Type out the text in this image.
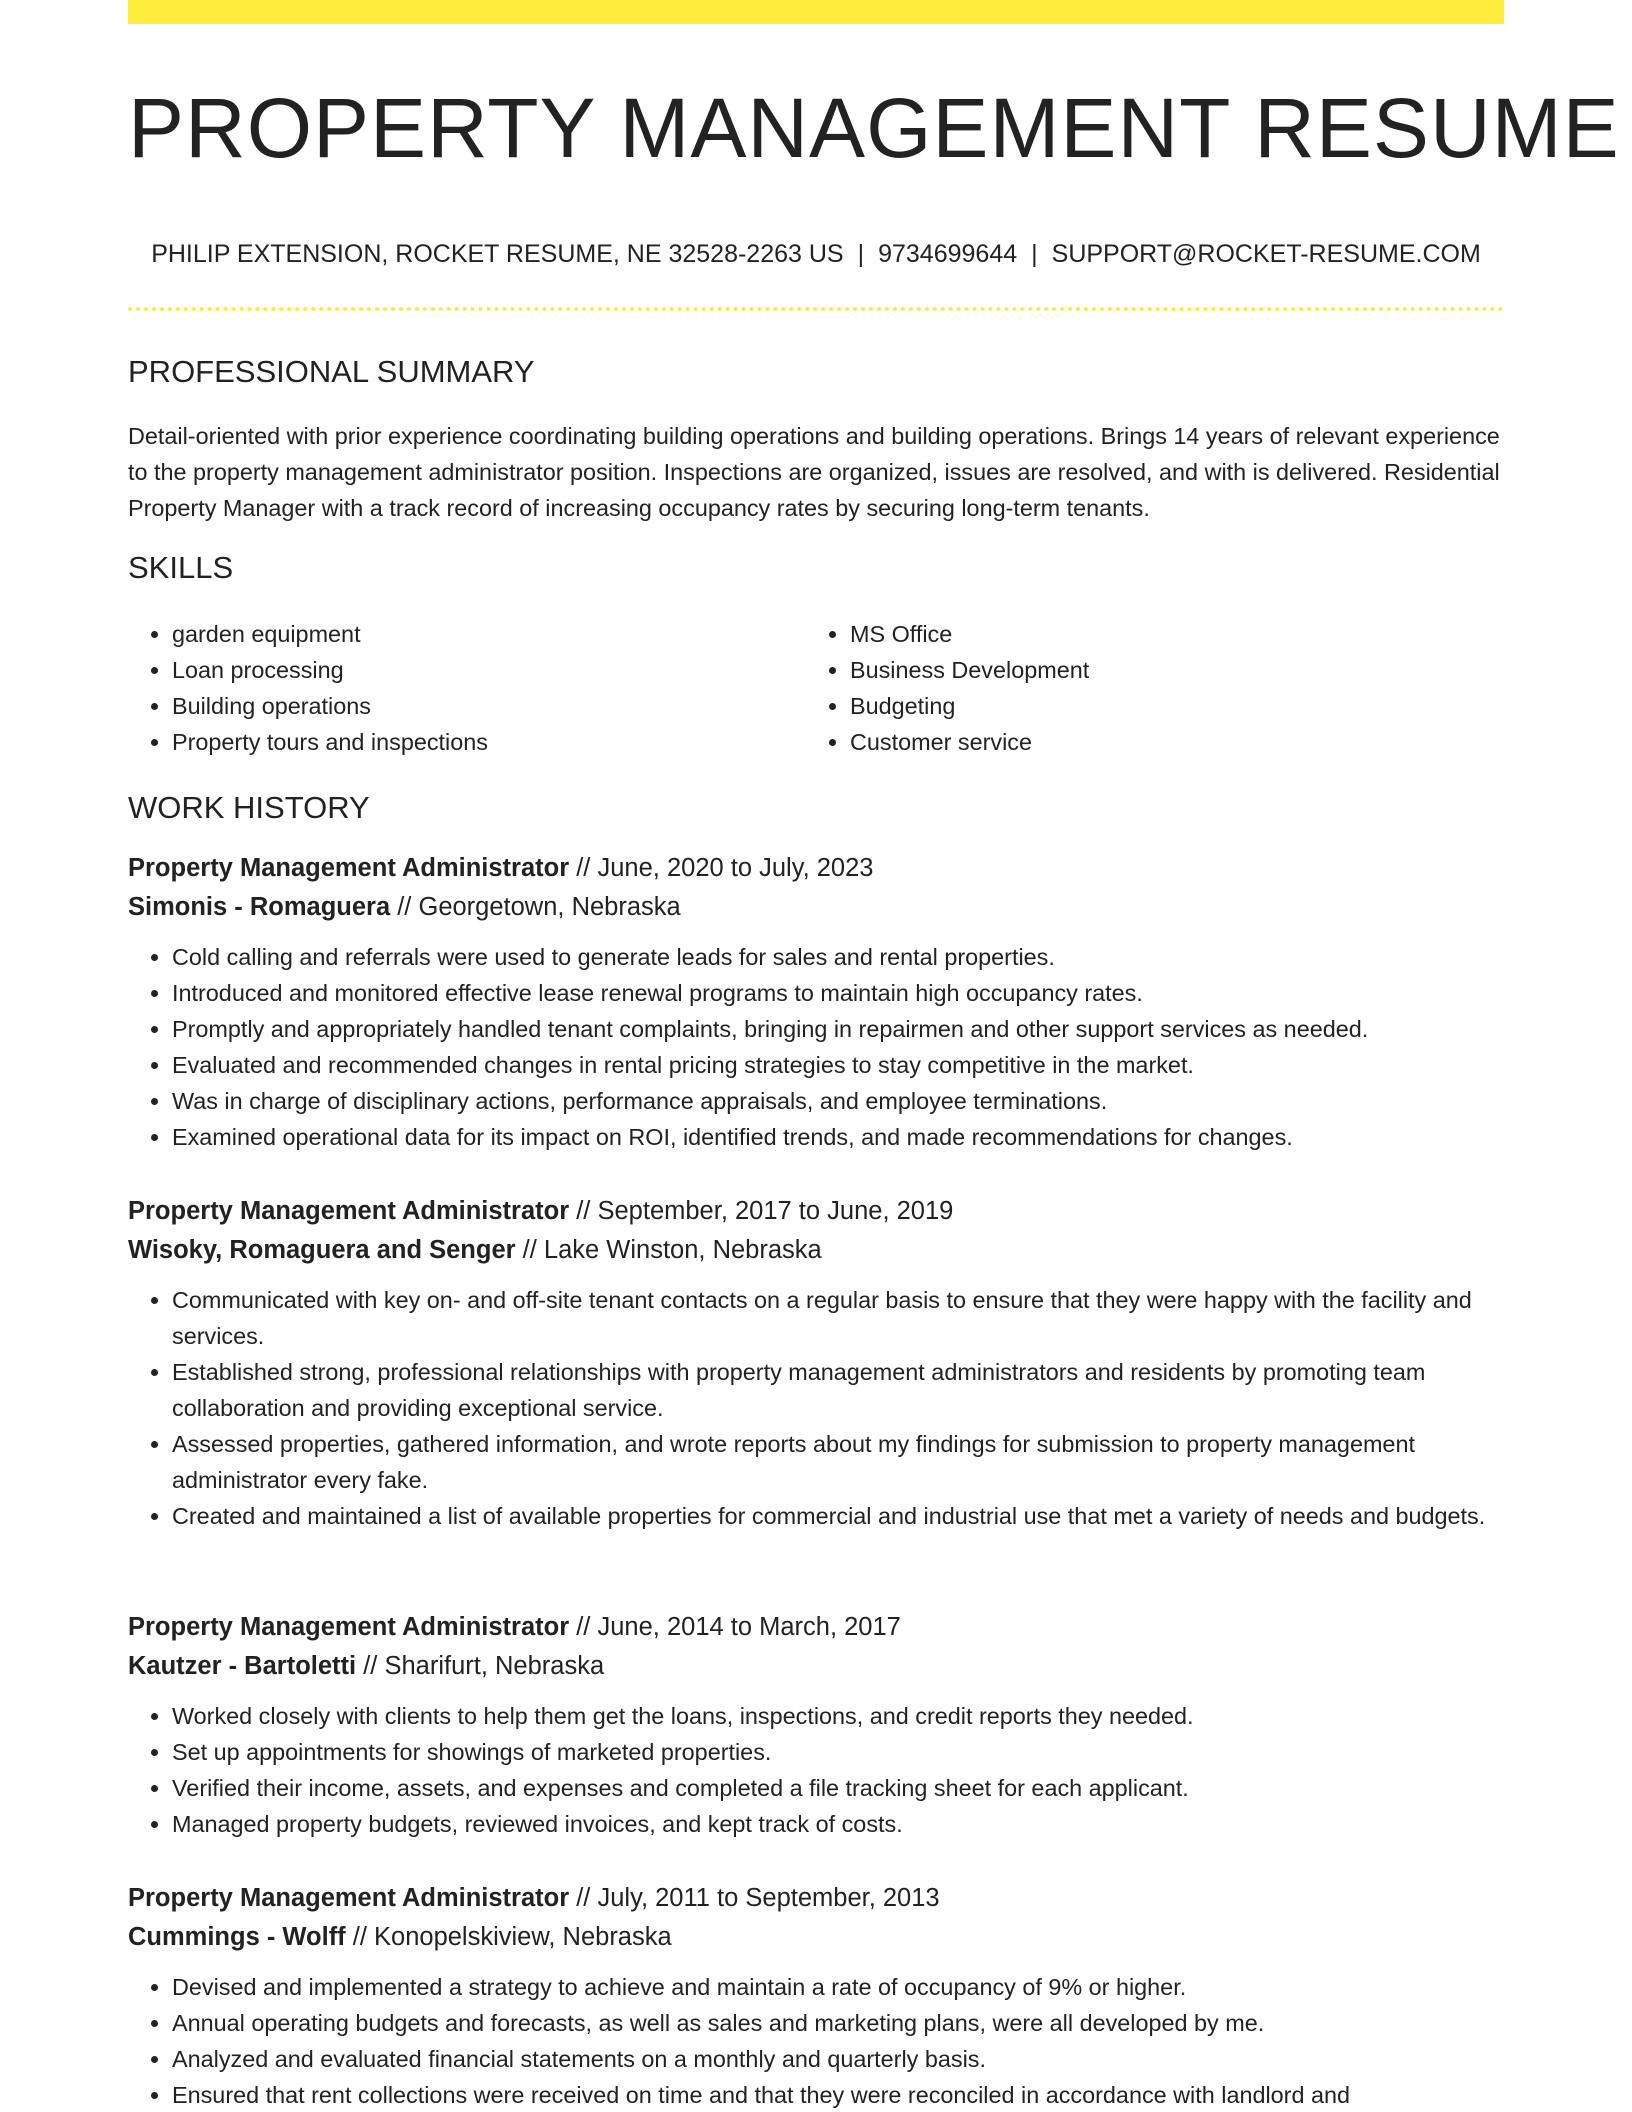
PROPERTY MANAGEMENT RESUME
PHILIP EXTENSION, ROCKET RESUME, NE 32528-2263 US | 9734699644 | SUPPORT@ROCKET-RESUME.COM
PROFESSIONAL SUMMARY

Detail-oriented with prior experience coordinating building operations and building operations. Brings 14 years of relevant experience to the property management administrator position. Inspections are organized, issues are resolved, and with is delivered. Residential Property Manager with a track record of increasing occupancy rates by securing long-term tenants.

SKILLS
• garden equipment
• Loan processing
• Building operations
• Property tours and inspections
• MS Office
• Business Development
• Budgeting
• Customer service
WORK HISTORY
Property Management Administrator // June, 2020 to July, 2023
Simonis - Romaguera // Georgetown, Nebraska
• Cold calling and referrals were used to generate leads for sales and rental properties.
• Introduced and monitored effective lease renewal programs to maintain high occupancy rates.
• Promptly and appropriately handled tenant complaints, bringing in repairmen and other support services as needed.
• Evaluated and recommended changes in rental pricing strategies to stay competitive in the market.
• Was in charge of disciplinary actions, performance appraisals, and employee terminations.
• Examined operational data for its impact on ROI, identified trends, and made recommendations for changes.
Property Management Administrator // September, 2017 to June, 2019
Wisoky, Romaguera and Senger // Lake Winston, Nebraska
• Communicated with key on- and off-site tenant contacts on a regular basis to ensure that they were happy with the facility and services.
• Established strong, professional relationships with property management administrators and residents by promoting team collaboration and providing exceptional service.
• Assessed properties, gathered information, and wrote reports about my findings for submission to property management administrator every fake.
• Created and maintained a list of available properties for commercial and industrial use that met a variety of needs and budgets.
Property Management Administrator // June, 2014 to March, 2017
Kautzer - Bartoletti // Sharifurt, Nebraska
• Worked closely with clients to help them get the loans, inspections, and credit reports they needed.
• Set up appointments for showings of marketed properties.
• Verified their income, assets, and expenses and completed a file tracking sheet for each applicant.
• Managed property budgets, reviewed invoices, and kept track of costs.
Property Management Administrator // July, 2011 to September, 2013
Cummings - Wolff // Konopelskiview, Nebraska
• Devised and implemented a strategy to achieve and maintain a rate of occupancy of 9% or higher.
• Annual operating budgets and forecasts, as well as sales and marketing plans, were all developed by me.
• Analyzed and evaluated financial statements on a monthly and quarterly basis.
• Ensured that rent collections were received on time and that they were reconciled in accordance with landlord and
